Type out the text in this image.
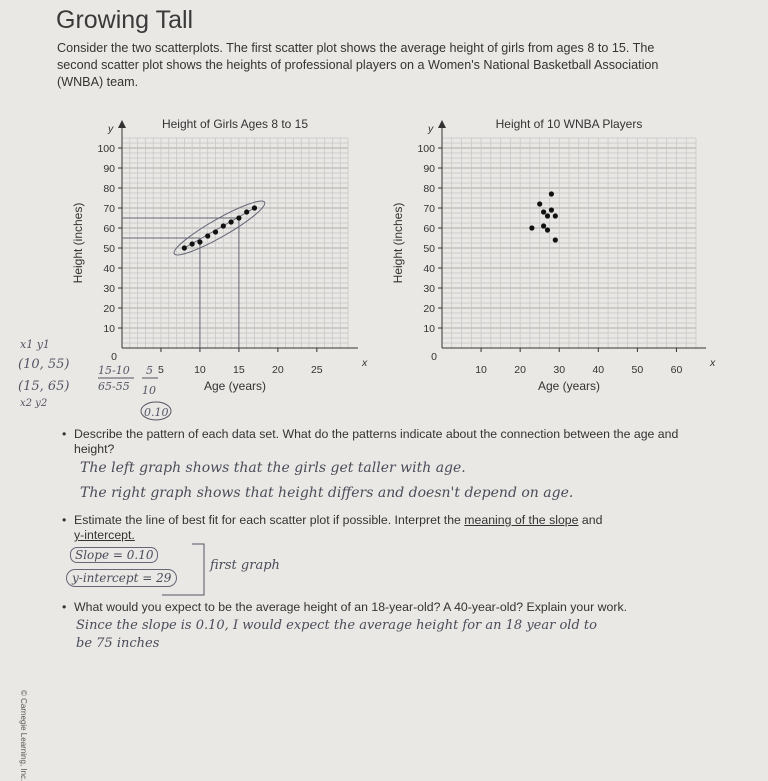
Growing Tall

Consider the two scatterplots. The first scatter plot shows the average height of girls from ages 8 to 15. The second scatter plot shows the heights of professional players on a Women's National Basketball Association (WNBA) team.

y
x
Height of Girls Ages 8 to 15
10
20
30
40
50
60
70
80
90
100
5	10	15	20	25
0
Age (years)
Height (inches)
y
x
Height of 10 WNBA Players
10
20
30
40
50
60
70
80
90
100
10	20	30	40	50	60
0
Age (years)
Height (inches)
x1 y1
(10, 55)
(15, 65)
x2 y2
15-10
65-55
5
10
0.10

• Describe the pattern of each data set. What do the patterns indicate about the connection between the age and height?

The left graph shows that the girls get taller with age.

The right graph shows that height differs and doesn't depend on age.

• Estimate the line of best fit for each scatter plot if possible. Interpret the meaning of the slope and
y-intercept.

Slope = 0.10

y-intercept = 29

first graph

• What would you expect to be the average height of an 18-year-old? A 40-year-old? Explain your work.

Since the slope is 0.10, I would expect the average height for an 18 year old to

be 75 inches

© Carnegie Learning, Inc.
